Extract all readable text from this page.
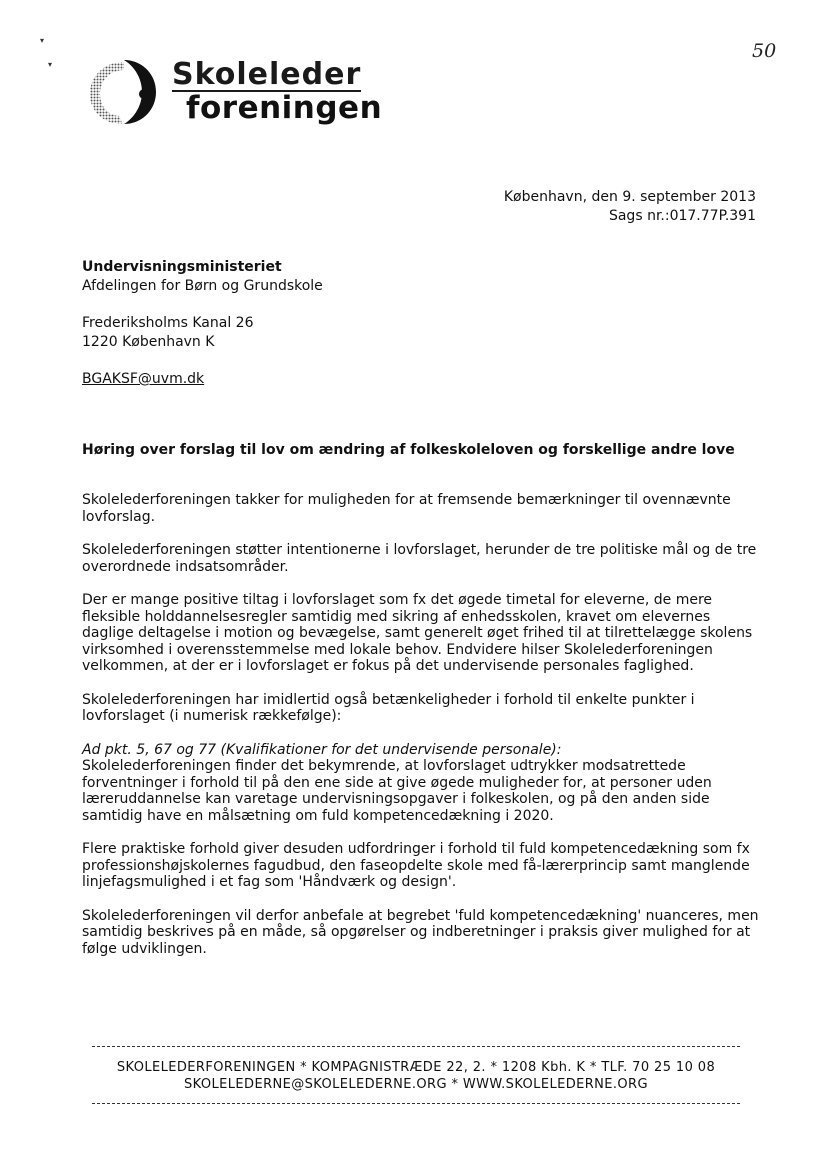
▾
▾
50
Skoleleder
foreningen
København, den 9. september 2013
Sags nr.:017.77P.391
Undervisningsministeriet
Afdelingen for Børn og Grundskole
Frederiksholms Kanal 26
1220 København K
BGAKSF@uvm.dk
Høring over forslag til lov om ændring af folkeskoleloven og forskellige andre love

Skolelederforeningen takker for muligheden for at fremsende bemærkninger til ovennævnte lovforslag.

Skolelederforeningen støtter intentionerne i lovforslaget, herunder de tre politiske mål og de tre overordnede indsatsområder.

Der er mange positive tiltag i lovforslaget som fx det øgede timetal for eleverne, de mere fleksible holddannelsesregler samtidig med sikring af enhedsskolen, kravet om elevernes daglige deltagelse i motion og bevægelse, samt generelt øget frihed til at tilrettelægge skolens virksomhed i overensstemmelse med lokale behov. Endvidere hilser Skolelederforeningen velkommen, at der er i lovforslaget er fokus på det undervisende personales faglighed.

Skolelederforeningen har imidlertid også betænkeligheder i forhold til enkelte punkter i lovforslaget (i numerisk rækkefølge):

Ad pkt. 5, 67 og 77 (Kvalifikationer for det undervisende personale):
Skolelederforeningen finder det bekymrende, at lovforslaget udtrykker modsatrettede forventninger i forhold til på den ene side at give øgede muligheder for, at personer uden læreruddannelse kan varetage undervisningsopgaver i folkeskolen, og på den anden side samtidig have en målsætning om fuld kompetencedækning i 2020.

Flere praktiske forhold giver desuden udfordringer i forhold til fuld kompetencedækning som fx professionshøjskolernes fagudbud, den faseopdelte skole med få-lærerprincip samt manglende linjefagsmulighed i et fag som 'Håndværk og design'.

Skolelederforeningen vil derfor anbefale at begrebet 'fuld kompetencedækning' nuanceres, men samtidig beskrives på en måde, så opgørelser og indberetninger i praksis giver mulighed for at følge udviklingen.

SKOLELEDERFORENINGEN * KOMPAGNISTRÆDE 22, 2. * 1208 Kbh. K * TLF. 70 25 10 08
SKOLELEDERNE@SKOLELEDERNE.ORG * WWW.SKOLELEDERNE.ORG
